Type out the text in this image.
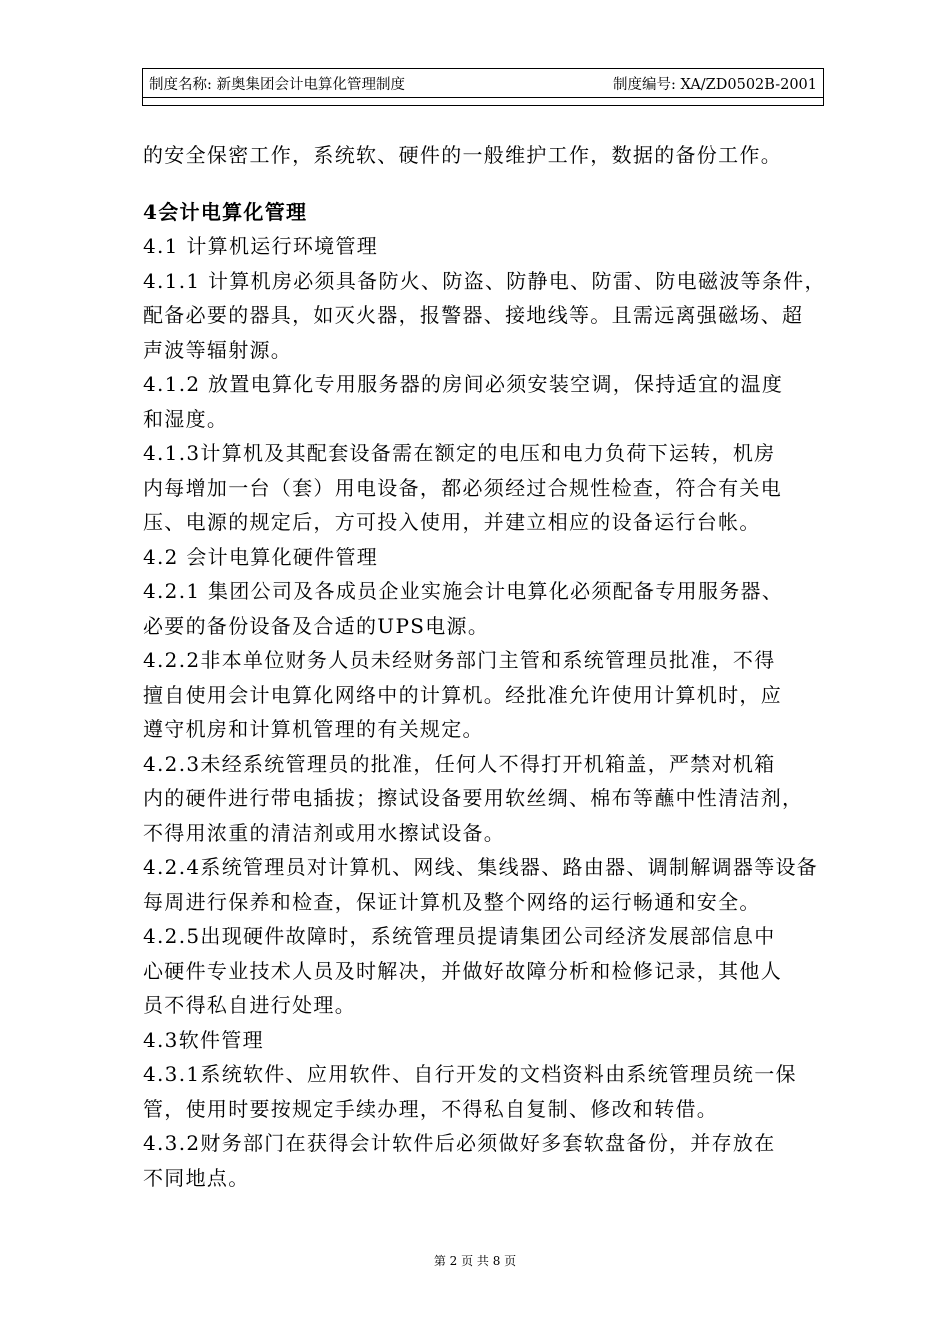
制度名称: 新奥集团会计电算化管理制度	制度编号: XA/ZD0502B-2001
的安全保密工作，系统软、硬件的一般维护工作，数据的备份工作。
4会计电算化管理
4.1 计算机运行环境管理
4.1.1 计算机房必须具备防火、防盗、防静电、防雷、防电磁波等条件，
配备必要的器具，如灭火器，报警器、接地线等。且需远离强磁场、超
声波等辐射源。
4.1.2 放置电算化专用服务器的房间必须安装空调，保持适宜的温度
和湿度。
4.1.3计算机及其配套设备需在额定的电压和电力负荷下运转，机房
内每增加一台（套）用电设备，都必须经过合规性检查，符合有关电
压、电源的规定后，方可投入使用，并建立相应的设备运行台帐。
4.2 会计电算化硬件管理
4.2.1 集团公司及各成员企业实施会计电算化必须配备专用服务器、
必要的备份设备及合适的UPS电源。
4.2.2非本单位财务人员未经财务部门主管和系统管理员批准，不得
擅自使用会计电算化网络中的计算机。经批准允许使用计算机时，应
遵守机房和计算机管理的有关规定。
4.2.3未经系统管理员的批准，任何人不得打开机箱盖，严禁对机箱
内的硬件进行带电插拔；擦试设备要用软丝绸、棉布等蘸中性清洁剂，
不得用浓重的清洁剂或用水擦试设备。
4.2.4系统管理员对计算机、网线、集线器、路由器、调制解调器等设备
每周进行保养和检查，保证计算机及整个网络的运行畅通和安全。
4.2.5出现硬件故障时，系统管理员提请集团公司经济发展部信息中
心硬件专业技术人员及时解决，并做好故障分析和检修记录，其他人
员不得私自进行处理。
4.3软件管理
4.3.1系统软件、应用软件、自行开发的文档资料由系统管理员统一保
管，使用时要按规定手续办理，不得私自复制、修改和转借。
4.3.2财务部门在获得会计软件后必须做好多套软盘备份，并存放在
不同地点。
第 2 页 共 8 页
